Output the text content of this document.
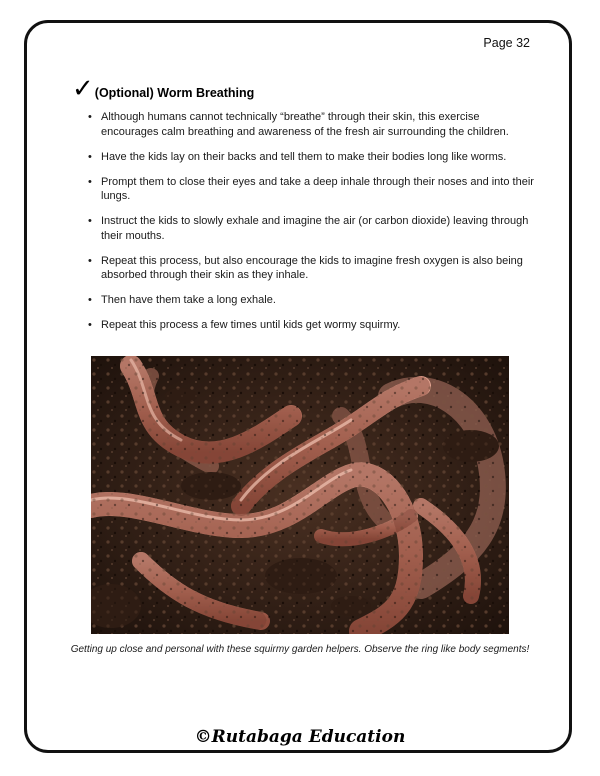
Page 32
✓ (Optional) Worm Breathing
• Although humans cannot technically “breathe” through their skin, this exercise encourages calm breathing and awareness of the fresh air surrounding the children.
• Have the kids lay on their backs and tell them to make their bodies long like worms.
• Prompt them to close their eyes and take a deep inhale through their noses and into their lungs.
• Instruct the kids to slowly exhale and imagine the air (or carbon dioxide) leaving through their mouths.
• Repeat this process, but also encourage the kids to imagine fresh oxygen is also being absorbed through their skin as they inhale.
• Then have them take a long exhale.
• Repeat this process a few times until kids get wormy squirmy.
Getting up close and personal with these squirmy garden helpers. Observe the ring like body segments!
©Rutabaga Education
